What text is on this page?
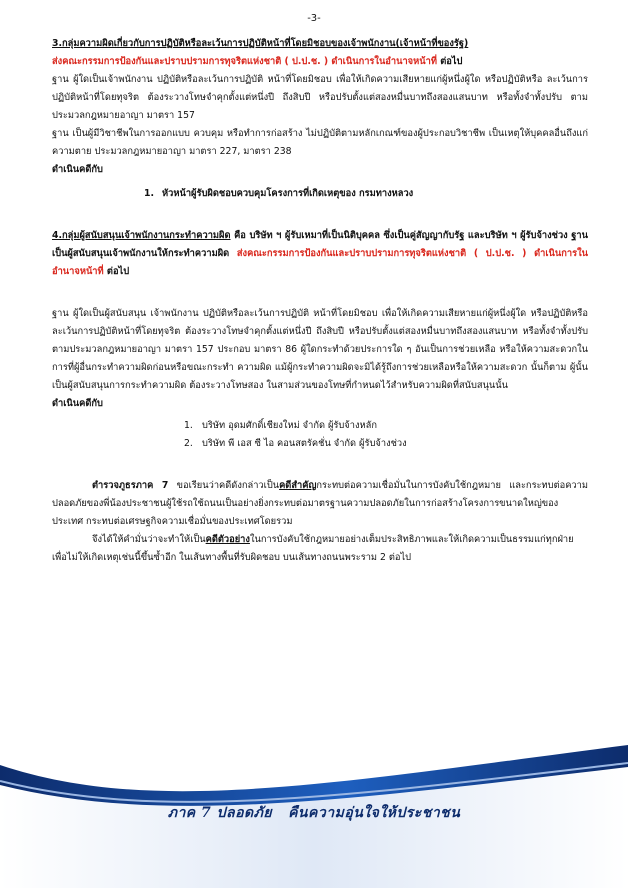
-3-

3.กลุ่มความผิดเกี่ยวกับการปฏิบัติหรือละเว้นการปฏิบัติหน้าที่โดยมิชอบของเจ้าพนักงาน(เจ้าหน้าที่ของรัฐ)

ส่งคณะกรรมการป้องกันและปราบปรามการทุจริตแห่งชาติ ( ป.ป.ช. ) ดำเนินการในอำนาจหน้าที่ ต่อไป

ฐาน ผู้ใดเป็นเจ้าพนักงาน ปฏิบัติหรือละเว้นการปฏิบัติ หน้าที่โดยมิชอบ เพื่อให้เกิดความเสียหายแก่ผู้หนึ่งผู้ใด หรือปฏิบัติหรือ ละเว้นการปฏิบัติหน้าที่โดยทุจริต ต้องระวางโทษจำคุกตั้งแต่หนึ่งปี ถึงสิบปี หรือปรับตั้งแต่สองหมื่นบาทถึงสองแสนบาท หรือทั้งจำทั้งปรับ ตามประมวลกฎหมายอาญา มาตรา 157

ฐาน เป็นผู้มีวิชาชีพในการออกแบบ ควบคุม หรือทำการก่อสร้าง ไม่ปฏิบัติตามหลักเกณฑ์ของผู้ประกอบวิชาชีพ เป็นเหตุให้บุคคลอื่นถึงแก่ความตาย ประมวลกฎหมายอาญา มาตรา 227, มาตรา 238

ดำเนินคดีกับ

1. หัวหน้าผู้รับผิดชอบควบคุมโครงการที่เกิดเหตุของ กรมทางหลวง

4.กลุ่มผู้สนับสนุนเจ้าพนักงานกระทำความผิด คือ บริษัท ฯ ผู้รับเหมาที่เป็นนิติบุคคล ซึ่งเป็นคู่สัญญากับรัฐ และบริษัท ฯ ผู้รับจ้างช่วง ฐานเป็นผู้สนับสนุนเจ้าพนักงานให้กระทำความผิด ส่งคณะกรรมการป้องกันและปราบปรามการทุจริตแห่งชาติ ( ป.ป.ช. ) ดำเนินการในอำนาจหน้าที่ ต่อไป

ฐาน ผู้ใดเป็นผู้สนับสนุน เจ้าพนักงาน ปฏิบัติหรือละเว้นการปฏิบัติ หน้าที่โดยมิชอบ เพื่อให้เกิดความเสียหายแก่ผู้หนึ่งผู้ใด หรือปฏิบัติหรือ ละเว้นการปฏิบัติหน้าที่โดยทุจริต ต้องระวางโทษจำคุกตั้งแต่หนึ่งปี ถึงสิบปี หรือปรับตั้งแต่สองหมื่นบาทถึงสองแสนบาท หรือทั้งจำทั้งปรับ ตามประมวลกฎหมายอาญา มาตรา 157 ประกอบ มาตรา 86 ผู้ใดกระทำด้วยประการใด ๆ อันเป็นการช่วยเหลือ หรือให้ความสะดวกในการที่ผู้อื่นกระทำความผิดก่อนหรือขณะกระทำ ความผิด แม้ผู้กระทำความผิดจะมิได้รู้ถึงการช่วยเหลือหรือให้ความสะดวก นั้นก็ตาม ผู้นั้นเป็นผู้สนับสนุนการกระทำความผิด ต้องระวางโทษสอง ในสามส่วนของโทษที่กำหนดไว้สำหรับความผิดที่สนับสนุนนั้น

ดำเนินคดีกับ

1. บริษัท อุดมศักดิ์เชียงใหม่ จำกัด ผู้รับจ้างหลัก
2. บริษัท พี เอส ซี ไอ คอนสตรัคชั่น จำกัด ผู้รับจ้างช่วง

ตำรวจภูธรภาค 7 ขอเรียนว่าคดีดังกล่าวเป็นคดีสำคัญกระทบต่อความเชื่อมั่นในการบังคับใช้กฎหมาย และกระทบต่อความปลอดภัยของพี่น้องประชาชนผู้ใช้รถใช้ถนนเป็นอย่างยิ่งกระทบต่อมาตรฐานความปลอดภัยในการก่อสร้างโครงการขนาดใหญ่ของประเทศ กระทบต่อเศรษฐกิจความเชื่อมั่นของประเทศโดยรวม

จึงได้ให้คำมั่นว่าจะทำให้เป็นคดีตัวอย่างในการบังคับใช้กฎหมายอย่างเต็มประสิทธิภาพและให้เกิดความเป็นธรรมแก่ทุกฝ่าย เพื่อไม่ให้เกิดเหตุเช่นนี้ขึ้นซ้ำอีก ในเส้นทางพื้นที่รับผิดชอบ บนเส้นทางถนนพระราม 2 ต่อไป

ภาค 7 ปลอดภัย คืนความอุ่นใจให้ประชาชน
